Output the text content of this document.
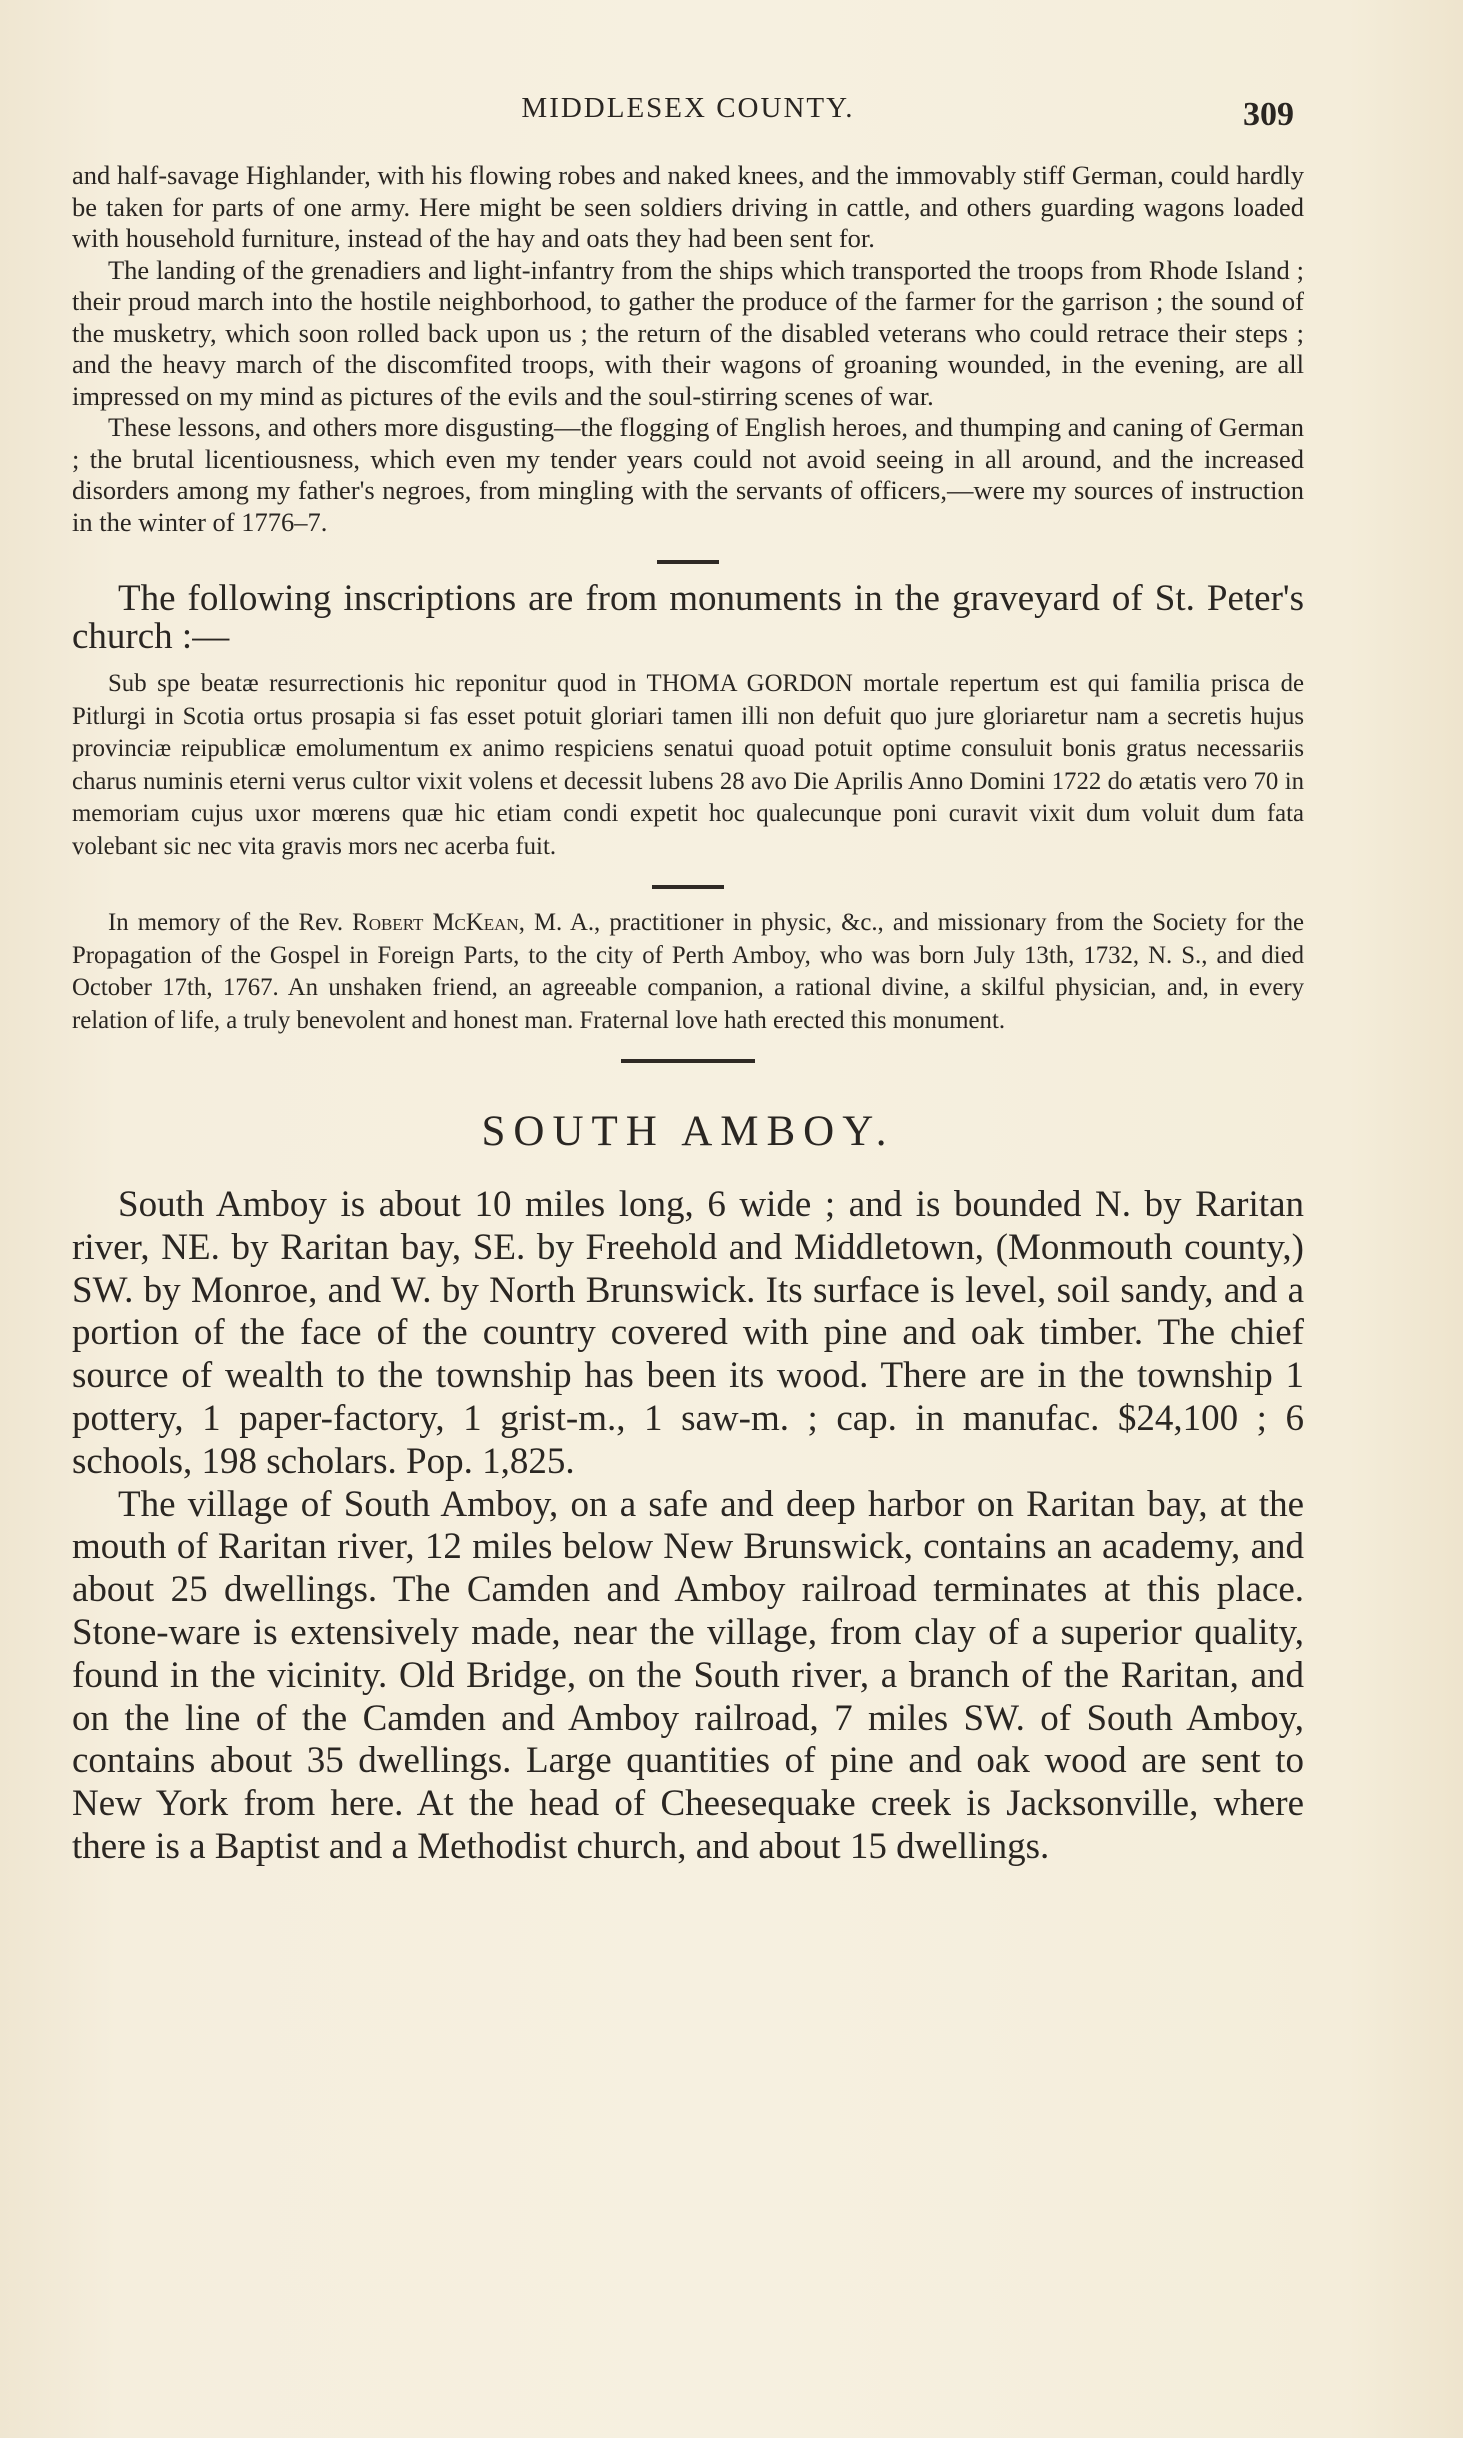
MIDDLESEX COUNTY.	309

and half-savage Highlander, with his flowing robes and naked knees, and the immovably stiff German, could hardly be taken for parts of one army. Here might be seen soldiers driving in cattle, and others guarding wagons loaded with household furniture, instead of the hay and oats they had been sent for.

The landing of the grenadiers and light-infantry from the ships which transported the troops from Rhode Island ; their proud march into the hostile neighborhood, to gather the produce of the farmer for the garrison ; the sound of the musketry, which soon rolled back upon us ; the return of the disabled veterans who could retrace their steps ; and the heavy march of the discomfited troops, with their wagons of groaning wounded, in the evening, are all impressed on my mind as pictures of the evils and the soul-stirring scenes of war.

These lessons, and others more disgusting—the flogging of English heroes, and thumping and caning of German ; the brutal licentiousness, which even my tender years could not avoid seeing in all around, and the increased disorders among my father's negroes, from mingling with the servants of officers,—were my sources of instruction in the winter of 1776–7.

The following inscriptions are from monuments in the graveyard of St. Peter's church :—

Sub spe beatæ resurrectionis hic reponitur quod in THOMA GORDON mortale repertum est qui familia prisca de Pitlurgi in Scotia ortus prosapia si fas esset potuit gloriari tamen illi non defuit quo jure gloriaretur nam a secretis hujus provinciæ reipublicæ emolumentum ex animo respiciens senatui quoad potuit optime consuluit bonis gratus necessariis charus numinis eterni verus cultor vixit volens et decessit lubens 28 avo Die Aprilis Anno Domini 1722 do ætatis vero 70 in memoriam cujus uxor mœrens quæ hic etiam condi expetit hoc qualecunque poni curavit vixit dum voluit dum fata volebant sic nec vita gravis mors nec acerba fuit.

In memory of the Rev. Robert McKean, M. A., practitioner in physic, &c., and missionary from the Society for the Propagation of the Gospel in Foreign Parts, to the city of Perth Amboy, who was born July 13th, 1732, N. S., and died October 17th, 1767. An unshaken friend, an agreeable companion, a rational divine, a skilful physician, and, in every relation of life, a truly benevolent and honest man. Fraternal love hath erected this monument.

SOUTH AMBOY.

South Amboy is about 10 miles long, 6 wide ; and is bounded N. by Raritan river, NE. by Raritan bay, SE. by Freehold and Middletown, (Monmouth county,) SW. by Monroe, and W. by North Brunswick. Its surface is level, soil sandy, and a portion of the face of the country covered with pine and oak timber. The chief source of wealth to the township has been its wood. There are in the township 1 pottery, 1 paper-factory, 1 grist-m., 1 saw-m. ; cap. in manufac. $24,100 ; 6 schools, 198 scholars. Pop. 1,825.

The village of South Amboy, on a safe and deep harbor on Raritan bay, at the mouth of Raritan river, 12 miles below New Brunswick, contains an academy, and about 25 dwellings. The Camden and Amboy railroad terminates at this place. Stone-ware is extensively made, near the village, from clay of a superior quality, found in the vicinity. Old Bridge, on the South river, a branch of the Raritan, and on the line of the Camden and Amboy railroad, 7 miles SW. of South Amboy, contains about 35 dwellings. Large quantities of pine and oak wood are sent to New York from here. At the head of Cheesequake creek is Jacksonville, where there is a Baptist and a Methodist church, and about 15 dwellings.
